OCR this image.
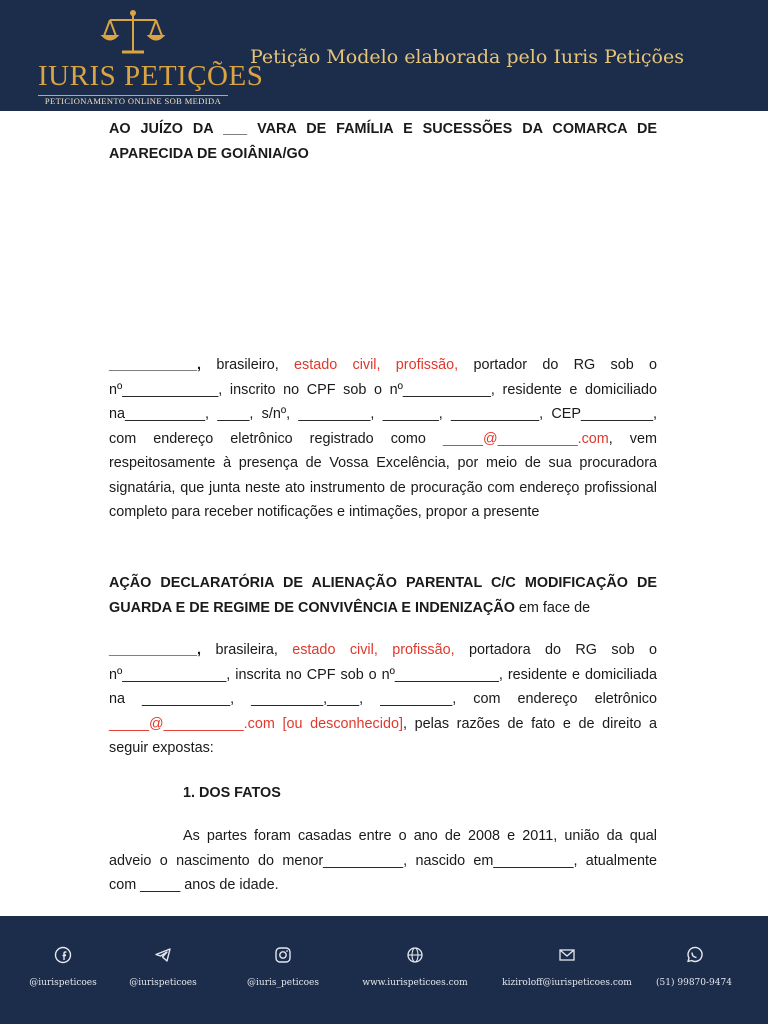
IURIS PETIÇÕES
PETICIONAMENTO ONLINE SOB MEDIDA
Petição Modelo elaborada pelo Iuris Petições
AO JUÍZO DA ___ VARA DE FAMÍLIA E SUCESSÕES DA COMARCA DE APARECIDA DE GOIÂNIA/GO
___________, brasileiro, estado civil, profissão, portador do RG sob o nº____________, inscrito no CPF sob o nº___________, residente e domiciliado na__________, ____, s/nº, _________, _______, ___________, CEP_________, com endereço eletrônico registrado como _____@__________.com, vem respeitosamente à presença de Vossa Excelência, por meio de sua procuradora signatária, que junta neste ato instrumento de procuração com endereço profissional completo para receber notificações e intimações, propor a presente
AÇÃO DECLARATÓRIA DE ALIENAÇÃO PARENTAL C/C MODIFICAÇÃO DE GUARDA E DE REGIME DE CONVIVÊNCIA E INDENIZAÇÃO em face de
___________, brasileira, estado civil, profissão, portadora do RG sob o nº_____________, inscrita no CPF sob o nº_____________, residente e domiciliada na ___________, _________,____, _________, com endereço eletrônico _____@__________.com [ou desconhecido], pelas razões de fato e de direito a seguir expostas:
1. DOS FATOS
As partes foram casadas entre o ano de 2008 e 2011, união da qual adveio o nascimento do menor__________, nascido em__________, atualmente com _____ anos de idade.
@iurispeticoes	@iurispeticoes	@iuris_peticoes	www.iurispeticoes.com	kiziroloff@iurispeticoes.com	(51) 99870-9474
